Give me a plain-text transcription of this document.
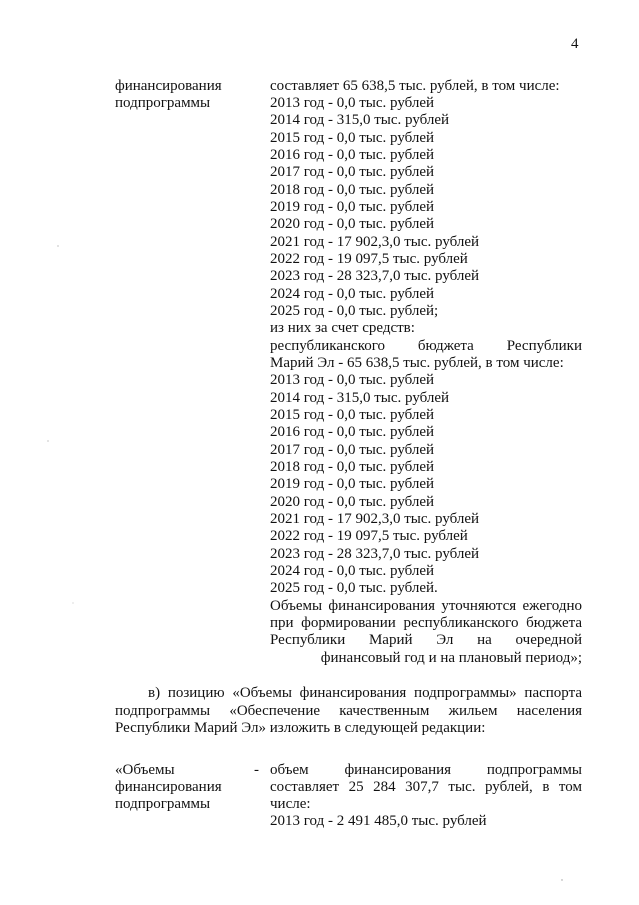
4
финансирования
подпрограммы
составляет 65 638,5 тыс. рублей, в том числе:
2013 год - 0,0 тыс. рублей
2014 год - 315,0 тыс. рублей
2015 год - 0,0 тыс. рублей
2016 год - 0,0 тыс. рублей
2017 год - 0,0 тыс. рублей
2018 год - 0,0 тыс. рублей
2019 год - 0,0 тыс. рублей
2020 год - 0,0 тыс. рублей
2021 год - 17 902,3,0 тыс. рублей
2022 год - 19 097,5 тыс. рублей
2023 год - 28 323,7,0 тыс. рублей
2024 год - 0,0 тыс. рублей
2025 год - 0,0 тыс. рублей;
из них за счет средств:
республиканского бюджета Республики
Марий Эл - 65 638,5 тыс. рублей, в том числе:
2013 год - 0,0 тыс. рублей
2014 год - 315,0 тыс. рублей
2015 год - 0,0 тыс. рублей
2016 год - 0,0 тыс. рублей
2017 год - 0,0 тыс. рублей
2018 год - 0,0 тыс. рублей
2019 год - 0,0 тыс. рублей
2020 год - 0,0 тыс. рублей
2021 год - 17 902,3,0 тыс. рублей
2022 год - 19 097,5 тыс. рублей
2023 год - 28 323,7,0 тыс. рублей
2024 год - 0,0 тыс. рублей
2025 год - 0,0 тыс. рублей.
Объемы финансирования уточняются ежегодно
при формировании республиканского бюджета
Республики Марий Эл на очередной
финансовый год и на плановый период»;
в) позицию «Объемы финансирования подпрограммы» паспорта
подпрограммы «Обеспечение качественным жильем населения
Республики Марий Эл» изложить в следующей редакции:
«Объемы
финансирования
подпрограммы
- объем финансирования подпрограммы
составляет 25 284 307,7 тыс. рублей, в том
числе:
2013 год - 2 491 485,0 тыс. рублей
